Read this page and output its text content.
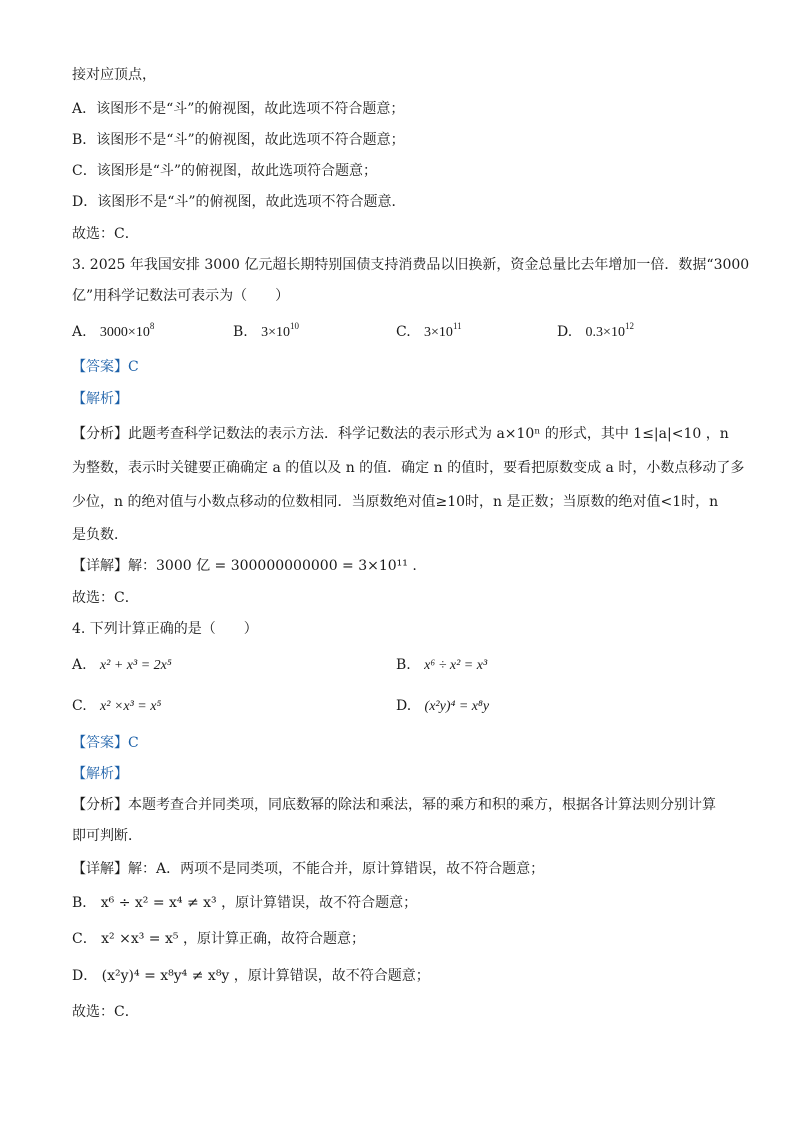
接对应顶点，
A．该图形不是“斗”的俯视图，故此选项不符合题意；
B．该图形不是“斗”的俯视图，故此选项不符合题意；
C．该图形是“斗”的俯视图，故此选项符合题意；
D．该图形不是“斗”的俯视图，故此选项不符合题意．
故选：C．
3. 2025 年我国安排 3000 亿元超长期特别国债支持消费品以旧换新，资金总量比去年增加一倍．数据“3000
亿”用科学记数法可表示为（　　）
A. $3000\times 10^8$	B. $3\times 10^{10}$	C. $3\times 10^{11}$	D. $0.3\times 10^{12}$
【答案】C
【解析】
【分析】此题考查科学记数法的表示方法．科学记数法的表示形式为 a×10ⁿ 的形式，其中 1≤|a|<10 ，n
为整数，表示时关键要正确确定 a 的值以及 n 的值．确定 n 的值时，要看把原数变成 a 时，小数点移动了多
少位，n 的绝对值与小数点移动的位数相同．当原数绝对值≥10时，n 是正数；当原数的绝对值<1时，n
是负数．
【详解】解：3000 亿 = 300000000000 = 3×10¹¹ .
故选：C．
4. 下列计算正确的是（　　）
A. x² + x³ = 2x⁵	B. x⁶ ÷ x² = x³
C. x² ×x³ = x⁵	D. (x²y)⁴ = x⁸y
【答案】C
【解析】
【分析】本题考查合并同类项，同底数幂的除法和乘法，幂的乘方和积的乘方，根据各计算法则分别计算
即可判断．
【详解】解：A．两项不是同类项，不能合并，原计算错误，故不符合题意；
B． x⁶ ÷ x² = x⁴ ≠ x³ ，原计算错误，故不符合题意；
C． x² ×x³ = x⁵ ，原计算正确，故符合题意；
D． (x²y)⁴ = x⁸y⁴ ≠ x⁸y ，原计算错误，故不符合题意；
故选：C．
